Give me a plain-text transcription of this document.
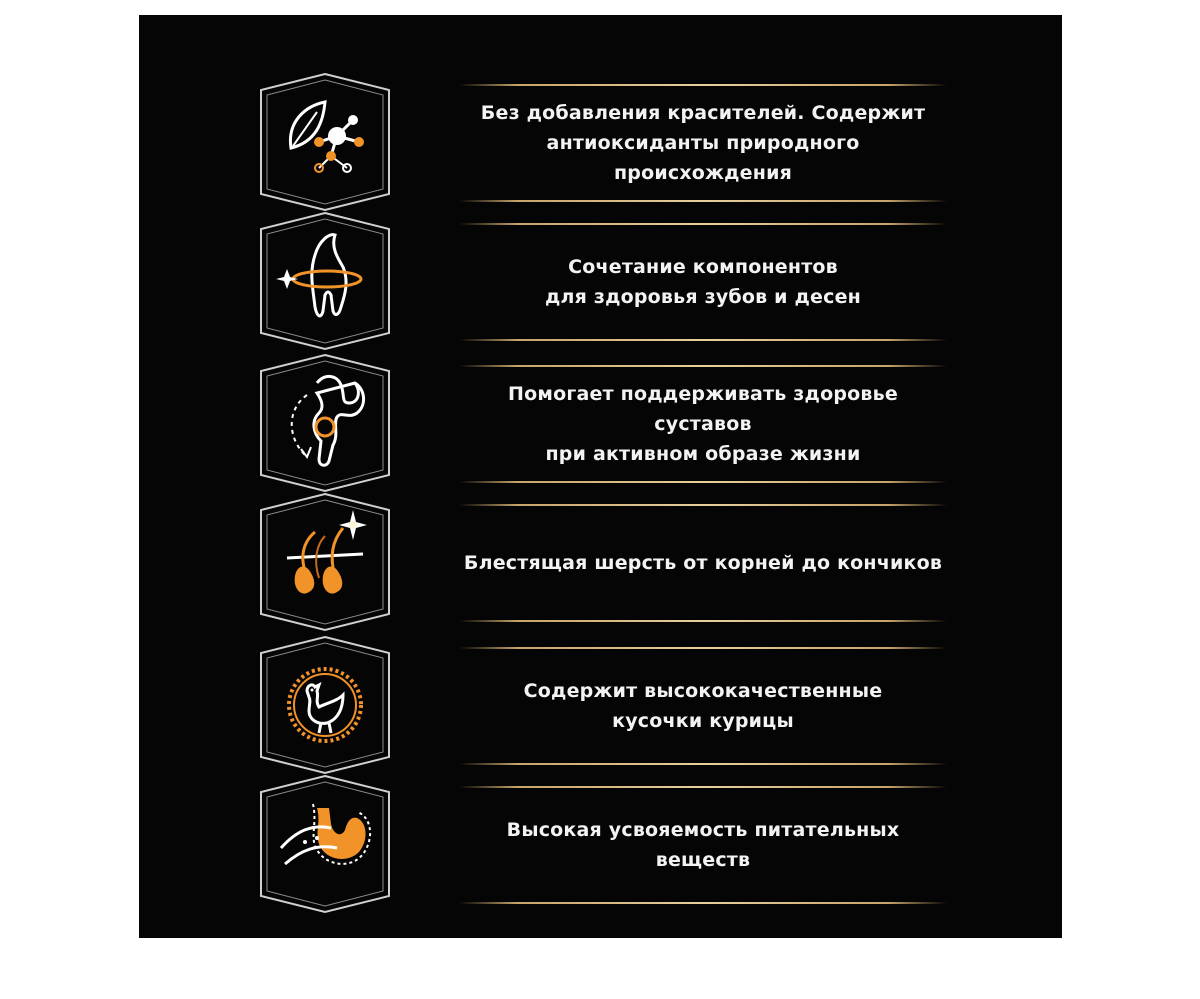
Без добавления красителей. Содержит
антиоксиданты природного происхождения
Сочетание компонентов
для здоровья зубов и десен
Помогает поддерживать здоровье суставов
при активном образе жизни
Блестящая шерсть от корней до кончиков
Содержит высококачественные
кусочки курицы
Высокая усвояемость питательных веществ
